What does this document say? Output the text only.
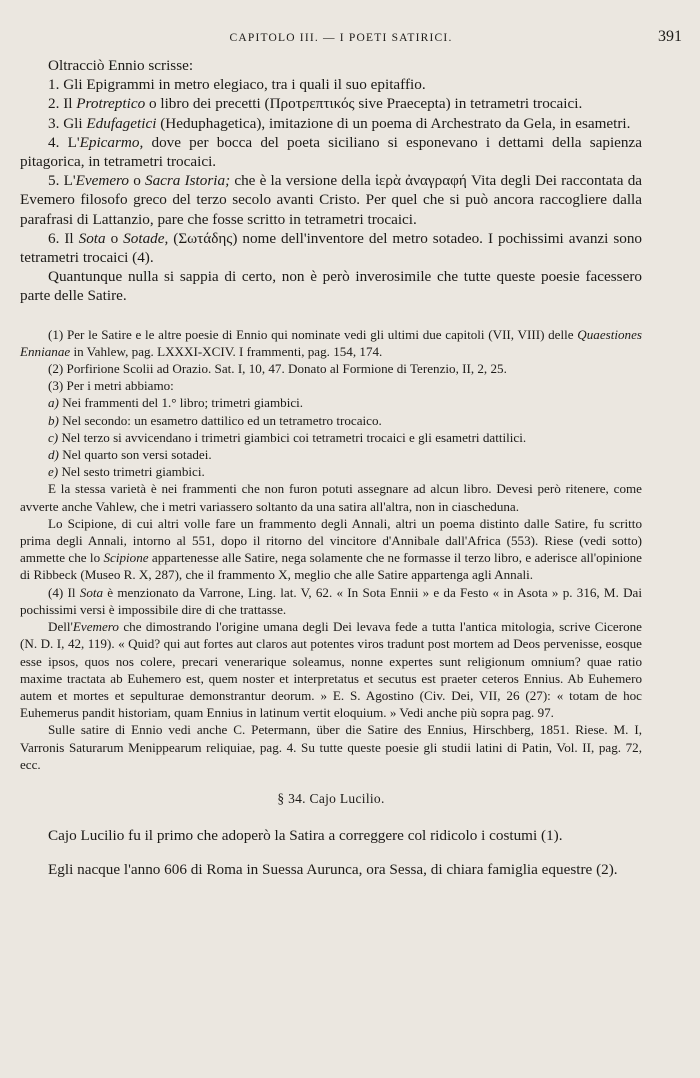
CAPITOLO III. — I POETI SATIRICI.	391

Oltracciò Ennio scrisse:

1. Gli Epigrammi in metro elegiaco, tra i quali il suo epitaffio.

2. Il Protreptico o libro dei precetti (Προτρεπτικός sive Praecepta) in tetrametri trocaici.

3. Gli Edufagetici (Heduphagetica), imitazione di un poema di Archestrato da Gela, in esametri.

4. L'Epicarmo, dove per bocca del poeta siciliano si esponevano i dettami della sapienza pitagorica, in tetrametri trocaici.

5. L'Evemero o Sacra Istoria; che è la versione della ἱερὰ ἀναγραφή Vita degli Dei raccontata da Evemero filosofo greco del terzo secolo avanti Cristo. Per quel che si può ancora raccogliere dalla parafrasi di Lattanzio, pare che fosse scritto in tetrametri trocaici.

6. Il Sota o Sotade, (Σωτάδης) nome dell'inventore del metro sotadeo. I pochissimi avanzi sono tetrametri trocaici (4).

Quantunque nulla si sappia di certo, non è però inverosimile che tutte queste poesie facessero parte delle Satire.

(1) Per le Satire e le altre poesie di Ennio qui nominate vedi gli ultimi due capitoli (VII, VIII) delle Quaestiones Ennianae in Vahlew, pag. LXXXI-XCIV. I frammenti, pag. 154, 174.

(2) Porfirione Scolii ad Orazio. Sat. I, 10, 47. Donato al Formione di Terenzio, II, 2, 25.

(3) Per i metri abbiamo:

a) Nei frammenti del 1.° libro; trimetri giambici.

b) Nel secondo: un esametro dattilico ed un tetrametro trocaico.

c) Nel terzo si avvicendano i trimetri giambici coi tetrametri trocaici e gli esametri dattilici.

d) Nel quarto son versi sotadei.

e) Nel sesto trimetri giambici.

E la stessa varietà è nei frammenti che non furon potuti assegnare ad alcun libro. Devesi però ritenere, come avverte anche Vahlew, che i metri variassero soltanto da una satira all'altra, non in ciascheduna.

Lo Scipione, di cui altri volle fare un frammento degli Annali, altri un poema distinto dalle Satire, fu scritto prima degli Annali, intorno al 551, dopo il ritorno del vincitore d'Annibale dall'Africa (553). Riese (vedi sotto) ammette che lo Scipione appartenesse alle Satire, nega solamente che ne formasse il terzo libro, e aderisce all'opinione di Ribbeck (Museo R. X, 287), che il frammento X, meglio che alle Satire appartenga agli Annali.

(4) Il Sota è menzionato da Varrone, Ling. lat. V, 62. « In Sota Ennii » e da Festo « in Asota » p. 316, M. Dai pochissimi versi è impossibile dire di che trattasse.

Dell'Evemero che dimostrando l'origine umana degli Dei levava fede a tutta l'antica mitologia, scrive Cicerone (N. D. I, 42, 119). « Quid? qui aut fortes aut claros aut potentes viros tradunt post mortem ad Deos pervenisse, eosque esse ipsos, quos nos colere, precari venerarique soleamus, nonne expertes sunt religionum omnium? quae ratio maxime tractata ab Euhemero est, quem noster et interpretatus et secutus est praeter ceteros Ennius. Ab Euhemero autem et mortes et sepulturae demonstrantur deorum. » E. S. Agostino (Civ. Dei, VII, 26 (27): « totam de hoc Euhemerus pandit historiam, quam Ennius in latinum vertit eloquium. » Vedi anche più sopra pag. 97.

Sulle satire di Ennio vedi anche C. Petermann, über die Satire des Ennius, Hirschberg, 1851. Riese. M. I, Varronis Saturarum Menippearum reliquiae, pag. 4. Su tutte queste poesie gli studii latini di Patin, Vol. II, pag. 72, ecc.

§ 34. Cajo Lucilio.

Cajo Lucilio fu il primo che adoperò la Satira a correggere col ridicolo i costumi (1).

Egli nacque l'anno 606 di Roma in Suessa Aurunca, ora Sessa, di chiara famiglia equestre (2).
